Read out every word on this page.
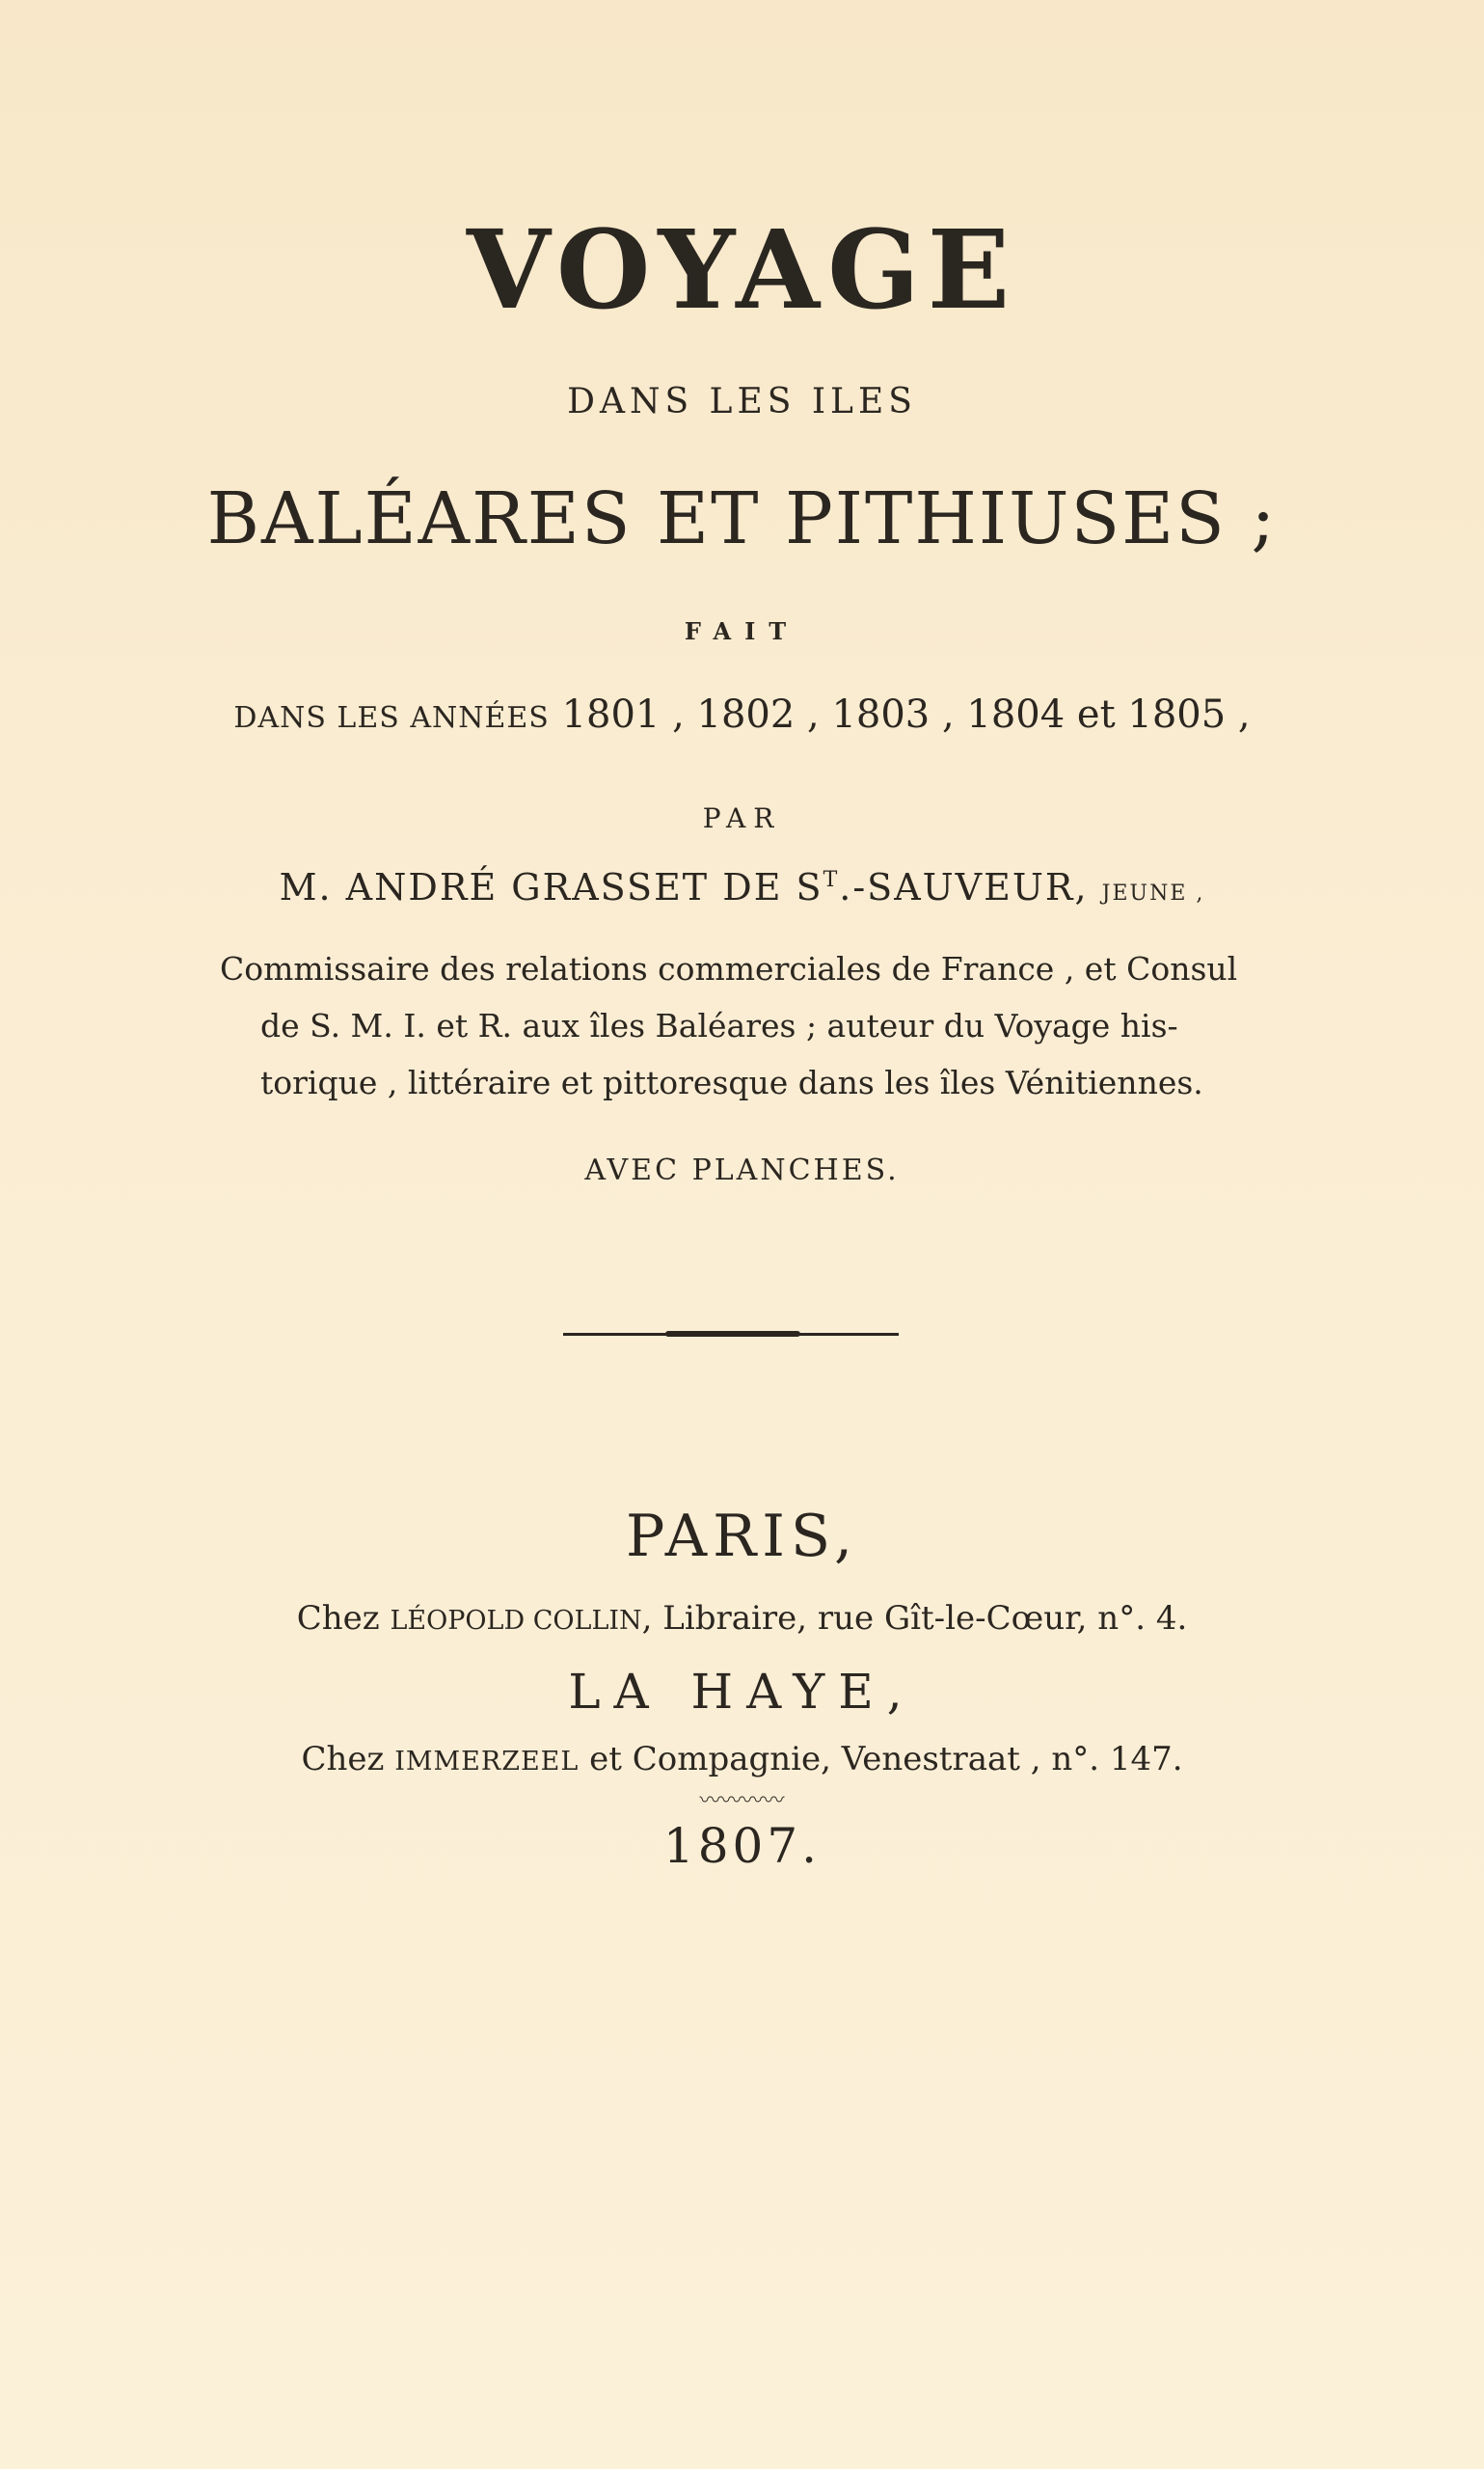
VOYAGE

DANS LES ILES

BALÉARES ET PITHIUSES ;

FAIT

DANS LES ANNÉES 1801 , 1802 , 1803 , 1804 et 1805 ,

PAR

M. ANDRÉ GRASSET DE $S^T$.-SAUVEUR, JEUNE ,

Commissaire des relations commerciales de France , et Consul
de S. M. I. et R. aux îles Baléares ; auteur du Voyage his-
torique , littéraire et pittoresque dans les îles Vénitiennes.

AVEC PLANCHES.

PARIS,

Chez LÉOPOLD COLLIN, Libraire, rue Gît-le-Cœur, n°. 4.

LA HAYE,

Chez IMMERZEEL et Compagnie, Venestraat , n°. 147.

〰〰〰〰

1807.
